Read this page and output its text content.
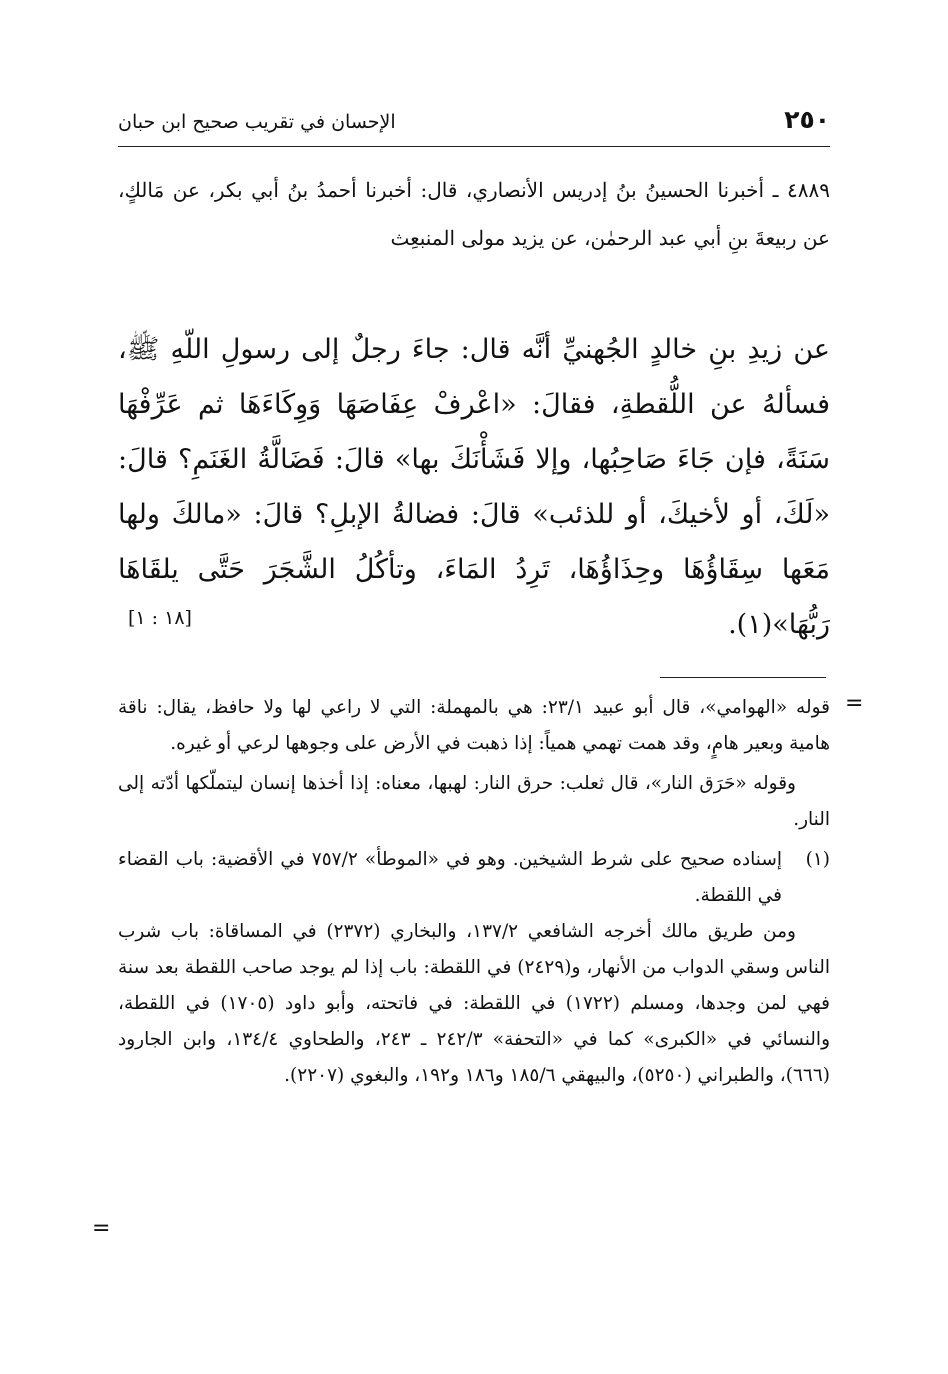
٢٥٠
الإحسان في تقريب صحيح ابن حبان
٤٨٨٩ ـ أخبرنا الحسينُ بنُ إدريس الأنصاري، قال: أخبرنا أحمدُ بنُ أبي بكر، عن مَالكٍ، عن ربيعةَ بنِ أبي عبد الرحمٰن، عن يزيد مولى المنبعِث
عن زيدِ بنِ خالدٍ الجُهنيِّ أنَّه قال: جاءَ رجلٌ إلى رسولِ اللّهِ ﷺ، فسألهُ عن اللُّقطةِ، فقالَ: «اعْرفْ عِفَاصَهَا وَوِكَاءَهَا ثم عَرِّفْهَا سَنَةً، فإن جَاءَ صَاحِبُها، وإلا فَشَأْنَكَ بها» قالَ: فَضَالَّةُ الغَنَمِ؟ قالَ: «لَكَ، أو لأخيكَ، أو للذئب» قالَ: فضالةُ الإبلِ؟ قالَ: «مالكَ ولها مَعَها سِقَاؤُهَا وحِذَاؤُهَا، تَرِدُ المَاءَ، وتأكُلُ الشَّجَرَ حَتَّى يلقَاهَا رَبُّهَا»(١).
[١٨ : ١]
=

قوله «الهوامي»، قال أبو عبيد ٢٣/١: هي بالمهملة: التي لا راعي لها ولا حافظ، يقال: ناقة هامية وبعير هامٍ، وقد همت تهمي همياً: إذا ذهبت في الأرض على وجوهها لرعي أو غيره.

وقوله «حَرَق النار»، قال ثعلب: حرق النار: لهبها، معناه: إذا أخذها إنسان ليتملّكها أدّته إلى النار.

(١)
إسناده صحيح على شرط الشيخين. وهو في «الموطأ» ٧٥٧/٢ في الأقضية: باب القضاء في اللقطة.

ومن طريق مالك أخرجه الشافعي ١٣٧/٢، والبخاري (٢٣٧٢) في المساقاة: باب شرب الناس وسقي الدواب من الأنهار، و(٢٤٢٩) في اللقطة: باب إذا لم يوجد صاحب اللقطة بعد سنة فهي لمن وجدها، ومسلم (١٧٢٢) في اللقطة: في فاتحته، وأبو داود (١٧٠٥) في اللقطة، والنسائي في «الكبرى» كما في «التحفة» ٢٤٢/٣ ـ ٢٤٣، والطحاوي ١٣٤/٤، وابن الجارود (٦٦٦)، والطبراني (٥٢٥٠)، والبيهقي ١٨٥/٦ و١٨٦ و١٩٢، والبغوي (٢٢٠٧).

=
